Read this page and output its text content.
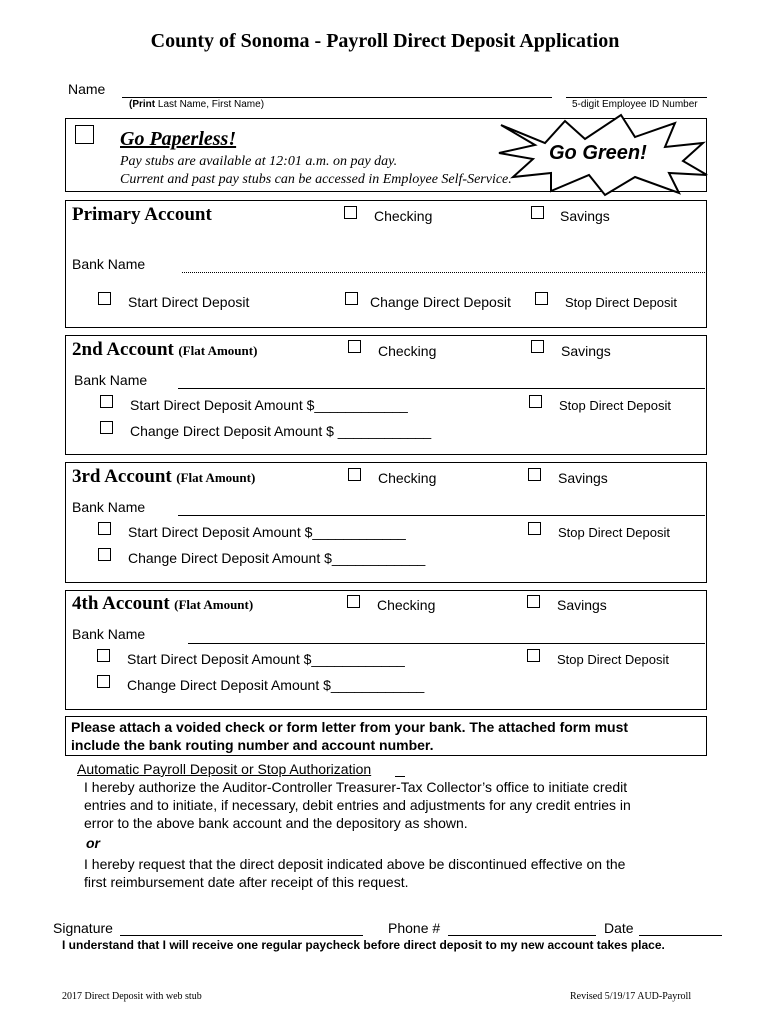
County of Sonoma - Payroll Direct Deposit Application
Name
(Print Last Name, First Name)	5-digit Employee ID Number
Go Paperless!
Pay stubs are available at 12:01 a.m. on pay day.
Current and past pay stubs can be accessed in Employee Self-Service.
Go Green!
Primary Account	Checking	Savings
Bank Name
Start Direct Deposit	Change Direct Deposit	Stop Direct Deposit
2nd Account (Flat Amount)	Checking	Savings
Bank Name
Start Direct Deposit Amount $____________	Stop Direct Deposit
Change Direct Deposit Amount $ ____________
3rd Account (Flat Amount)	Checking	Savings
Bank Name
Start Direct Deposit Amount $____________	Stop Direct Deposit
Change Direct Deposit Amount $____________
4th Account (Flat Amount)	Checking	Savings
Bank Name
Start Direct Deposit Amount $____________	Stop Direct Deposit
Change Direct Deposit Amount $____________
Please attach a voided check or form letter from your bank. The attached form must
include the bank routing number and account number.
Automatic Payroll Deposit or Stop Authorization
I hereby authorize the Auditor-Controller Treasurer-Tax Collector’s office to initiate credit
entries and to initiate, if necessary, debit entries and adjustments for any credit entries in
error to the above bank account and the depository as shown.
or
I hereby request that the direct deposit indicated above be discontinued effective on the
first reimbursement date after receipt of this request.
Signature	Phone #	Date
I understand that I will receive one regular paycheck before direct deposit to my new account takes place.
2017 Direct Deposit with web stub	Revised 5/19/17 AUD-Payroll
